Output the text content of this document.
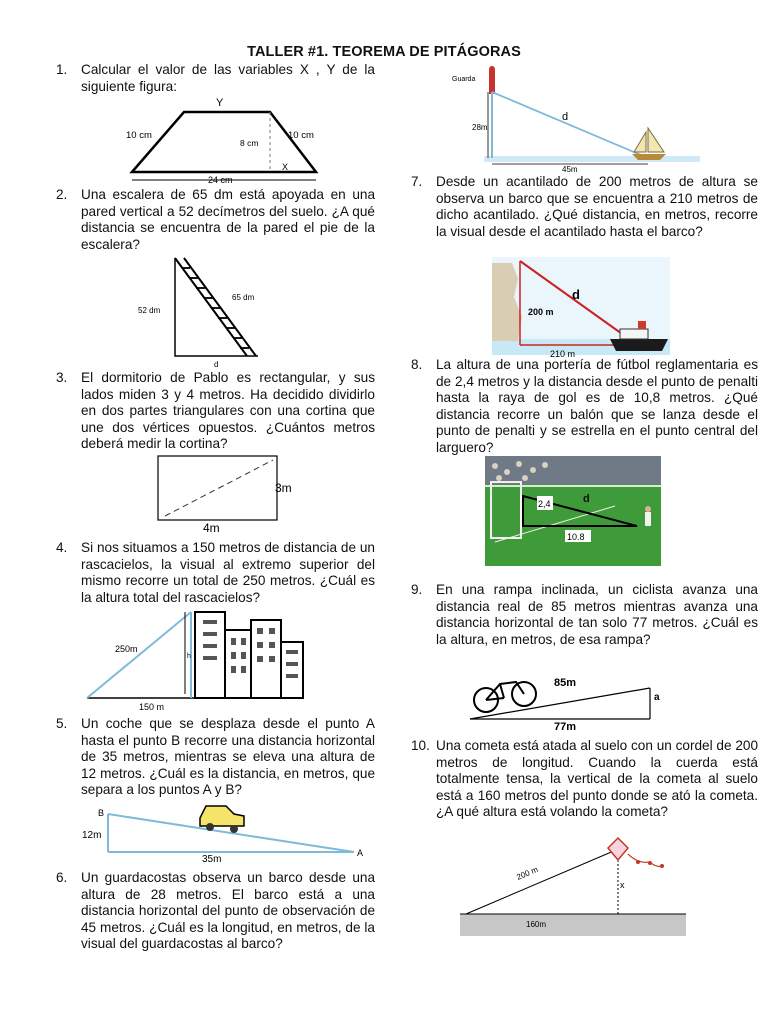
TALLER #1. TEOREMA DE PITÁGORAS
1. Calcular el valor de las variables X , Y de la siguiente figura:
Y
10 cm	10 cm
8 cm
X
24 cm
2. Una escalera de 65 dm está apoyada en una pared vertical a 52 decímetros del suelo. ¿A qué distancia se encuentra de la pared el pie de la escalera?
52 dm
65 dm
d
3. El dormitorio de Pablo es rectangular, y sus lados miden 3 y 4 metros. Ha decidido dividirlo en dos partes triangulares con una cortina que une dos vértices opuestos. ¿Cuántos metros deberá medir la cortina?
3m
4m
4. Si nos situamos a 150 metros de distancia de un rascacielos, la visual al extremo superior del mismo recorre un total de 250 metros. ¿Cuál es la altura total del rascacielos?
250m
h
150 m
5. Un coche que se desplaza desde el punto A hasta el punto B recorre una distancia horizontal de 35 metros, mientras se eleva una altura de 12 metros. ¿Cuál es la distancia, en metros, que separa a los puntos A y B?
B
12m
A
35m
6. Un guardacostas observa un barco desde una altura de 28 metros. El barco está a una distancia horizontal del punto de observación de 45 metros. ¿Cuál es la longitud, en metros, de la visual del guardacostas al barco?
Guarda
28m
d
45m
7. Desde un acantilado de 200 metros de altura se observa un barco que se encuentra a 210 metros de dicho acantilado. ¿Qué distancia, en metros, recorre la visual desde el acantilado hasta el barco?
d
200 m
210 m
8. La altura de una portería de fútbol reglamentaria es de 2,4 metros y la distancia desde el punto de penalti hasta la raya de gol es de 10,8 metros. ¿Qué distancia recorre un balón que se lanza desde el punto de penalti y se estrella en el punto central del larguero?
2,4	d
10.8
9. En una rampa inclinada, un ciclista avanza una distancia real de 85 metros mientras avanza una distancia horizontal de tan solo 77 metros. ¿Cuál es la altura, en metros, de esa rampa?
85m
a
77m
10. Una cometa está atada al suelo con un cordel de 200 metros de longitud. Cuando la cuerda está totalmente tensa, la vertical de la cometa al suelo está a 160 metros del punto donde se ató la cometa. ¿A qué altura está volando la cometa?
200 m
x
160m
